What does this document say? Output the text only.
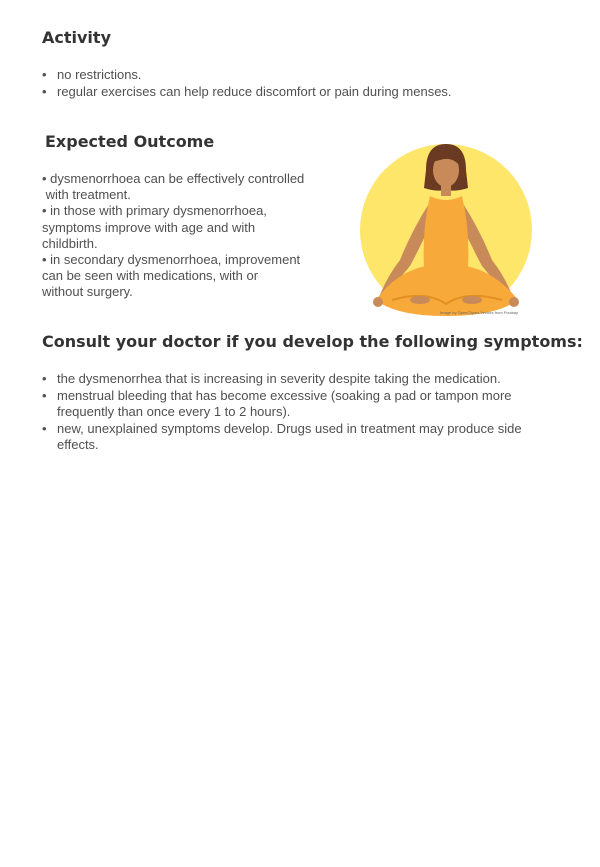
Activity
• no restrictions.
• regular exercises can help reduce discomfort or pain during menses.
Expected Outcome

• dysmenorrhoea can be effectively controlled

with treatment.

• in those with primary dysmenorrhoea,

symptoms improve with age and with

childbirth.

• in secondary dysmenorrhoea, improvement

can be seen with medications, with or

without surgery.

Image by OpenClipart-Vectors from Pixabay
Consult your doctor if you develop the following symptoms:
• the dysmenorrhea that is increasing in severity despite taking the medication.
• menstrual bleeding that has become excessive (soaking a pad or tampon more frequently than once every 1 to 2 hours).
• new, unexplained symptoms develop. Drugs used in treatment may produce side effects.
